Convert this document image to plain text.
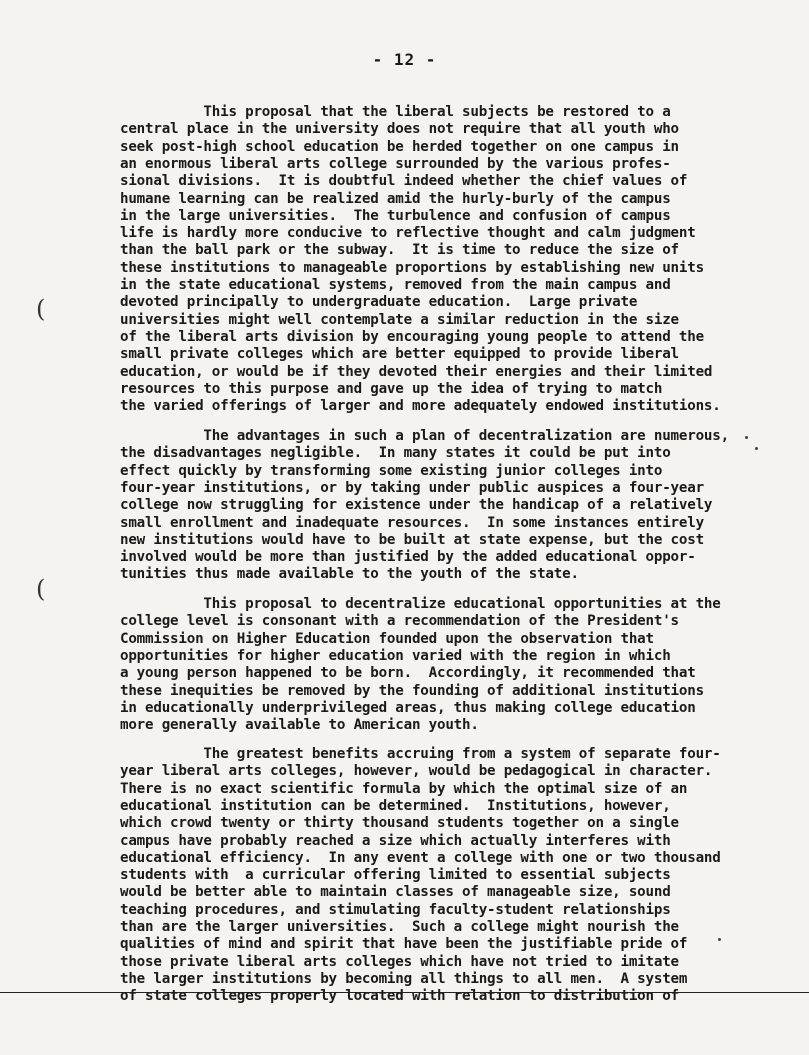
- 12 -
(
(
This proposal that the liberal subjects be restored to a
central place in the university does not require that all youth who
seek post-high school education be herded together on one campus in
an enormous liberal arts college surrounded by the various profes-
sional divisions.  It is doubtful indeed whether the chief values of
humane learning can be realized amid the hurly-burly of the campus
in the large universities.  The turbulence and confusion of campus
life is hardly more conducive to reflective thought and calm judgment
than the ball park or the subway.  It is time to reduce the size of
these institutions to manageable proportions by establishing new units
in the state educational systems, removed from the main campus and
devoted principally to undergraduate education.  Large private
universities might well contemplate a similar reduction in the size
of the liberal arts division by encouraging young people to attend the
small private colleges which are better equipped to provide liberal
education, or would be if they devoted their energies and their limited
resources to this purpose and gave up the idea of trying to match
the varied offerings of larger and more adequately endowed institutions.
The advantages in such a plan of decentralization are numerous,
the disadvantages negligible.  In many states it could be put into
effect quickly by transforming some existing junior colleges into
four-year institutions, or by taking under public auspices a four-year
college now struggling for existence under the handicap of a relatively
small enrollment and inadequate resources.  In some instances entirely
new institutions would have to be built at state expense, but the cost
involved would be more than justified by the added educational oppor-
tunities thus made available to the youth of the state.
This proposal to decentralize educational opportunities at the
college level is consonant with a recommendation of the President's
Commission on Higher Education founded upon the observation that
opportunities for higher education varied with the region in which
a young person happened to be born.  Accordingly, it recommended that
these inequities be removed by the founding of additional institutions
in educationally underprivileged areas, thus making college education
more generally available to American youth.
The greatest benefits accruing from a system of separate four-
year liberal arts colleges, however, would be pedagogical in character.
There is no exact scientific formula by which the optimal size of an
educational institution can be determined.  Institutions, however,
which crowd twenty or thirty thousand students together on a single
campus have probably reached a size which actually interferes with
educational efficiency.  In any event a college with one or two thousand
students with  a curricular offering limited to essential subjects
would be better able to maintain classes of manageable size, sound
teaching procedures, and stimulating faculty-student relationships
than are the larger universities.  Such a college might nourish the
qualities of mind and spirit that have been the justifiable pride of
those private liberal arts colleges which have not tried to imitate
the larger institutions by becoming all things to all men.  A system
of state colleges properly located with relation to distribution of
